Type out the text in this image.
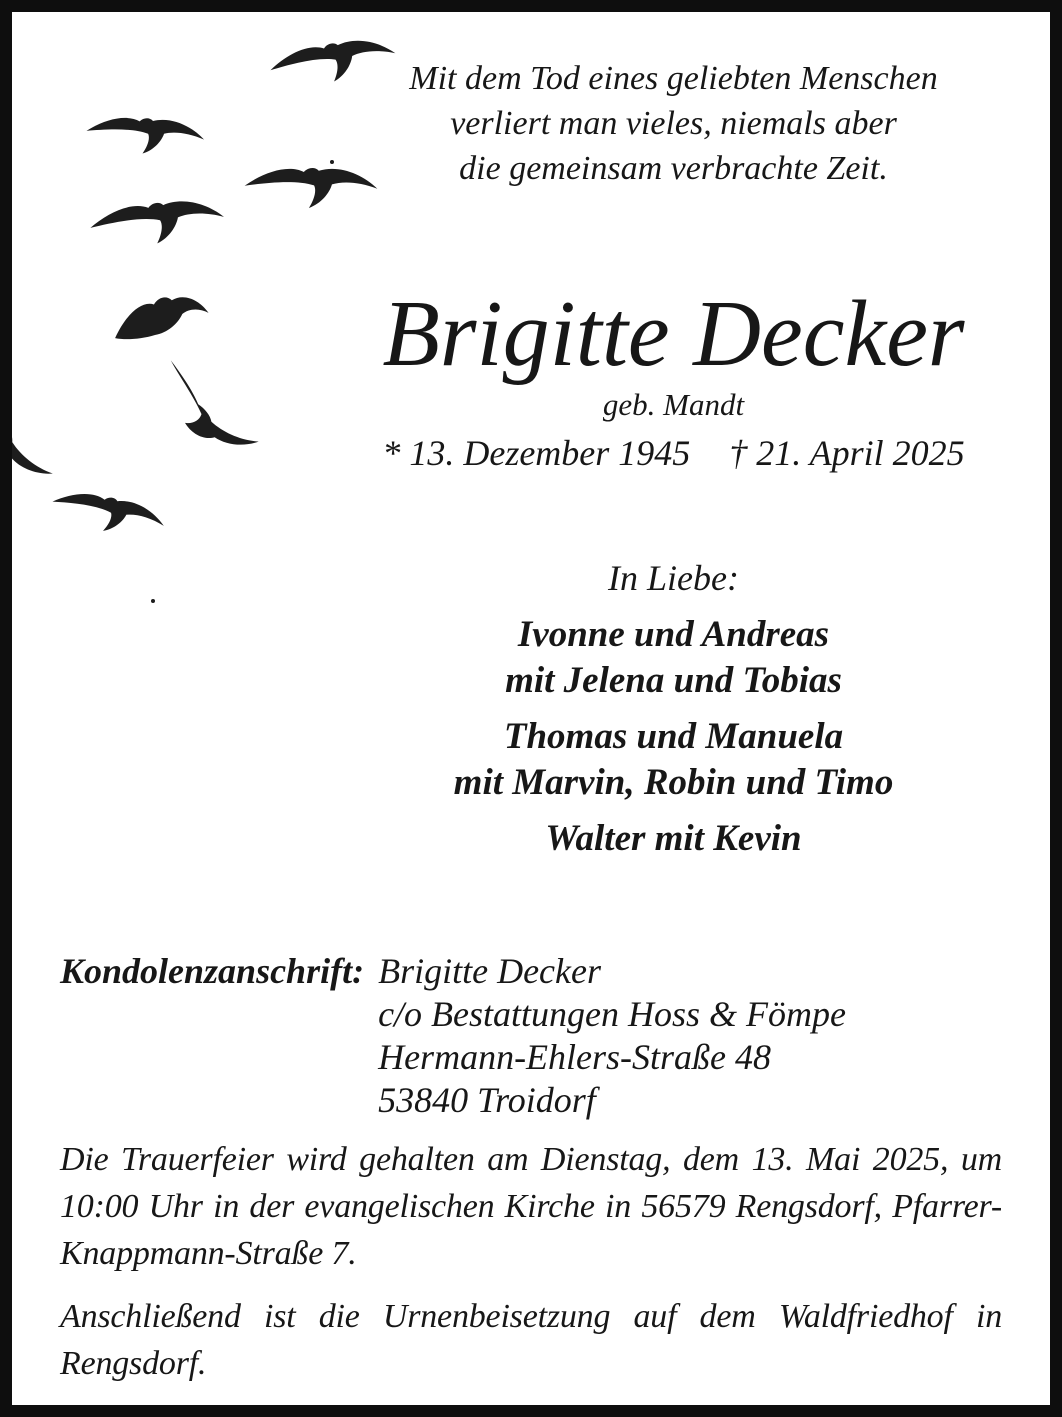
Mit dem Tod eines geliebten Menschen
verliert man vieles, niemals aber
die gemeinsam verbrachte Zeit.
Brigitte Decker
geb. Mandt
* 13. Dezember 1945 † 21. April 2025
In Liebe:

Ivonne und Andreas
mit Jelena und Tobias

Thomas und Manuela
mit Marvin, Robin und Timo

Walter mit Kevin

Kondolenzanschrift: Brigitte Decker
c/o Bestattungen Hoss & Fömpe
Hermann-Ehlers-Straße 48
53840 Troidorf

Die Trauerfeier wird gehalten am Dienstag, dem 13. Mai 2025, um 10:00 Uhr in der evangelischen Kirche in 56579 Rengsdorf, Pfarrer-Knappmann-Straße 7.

Anschließend ist die Urnenbeisetzung auf dem Waldfriedhof in Rengsdorf.
